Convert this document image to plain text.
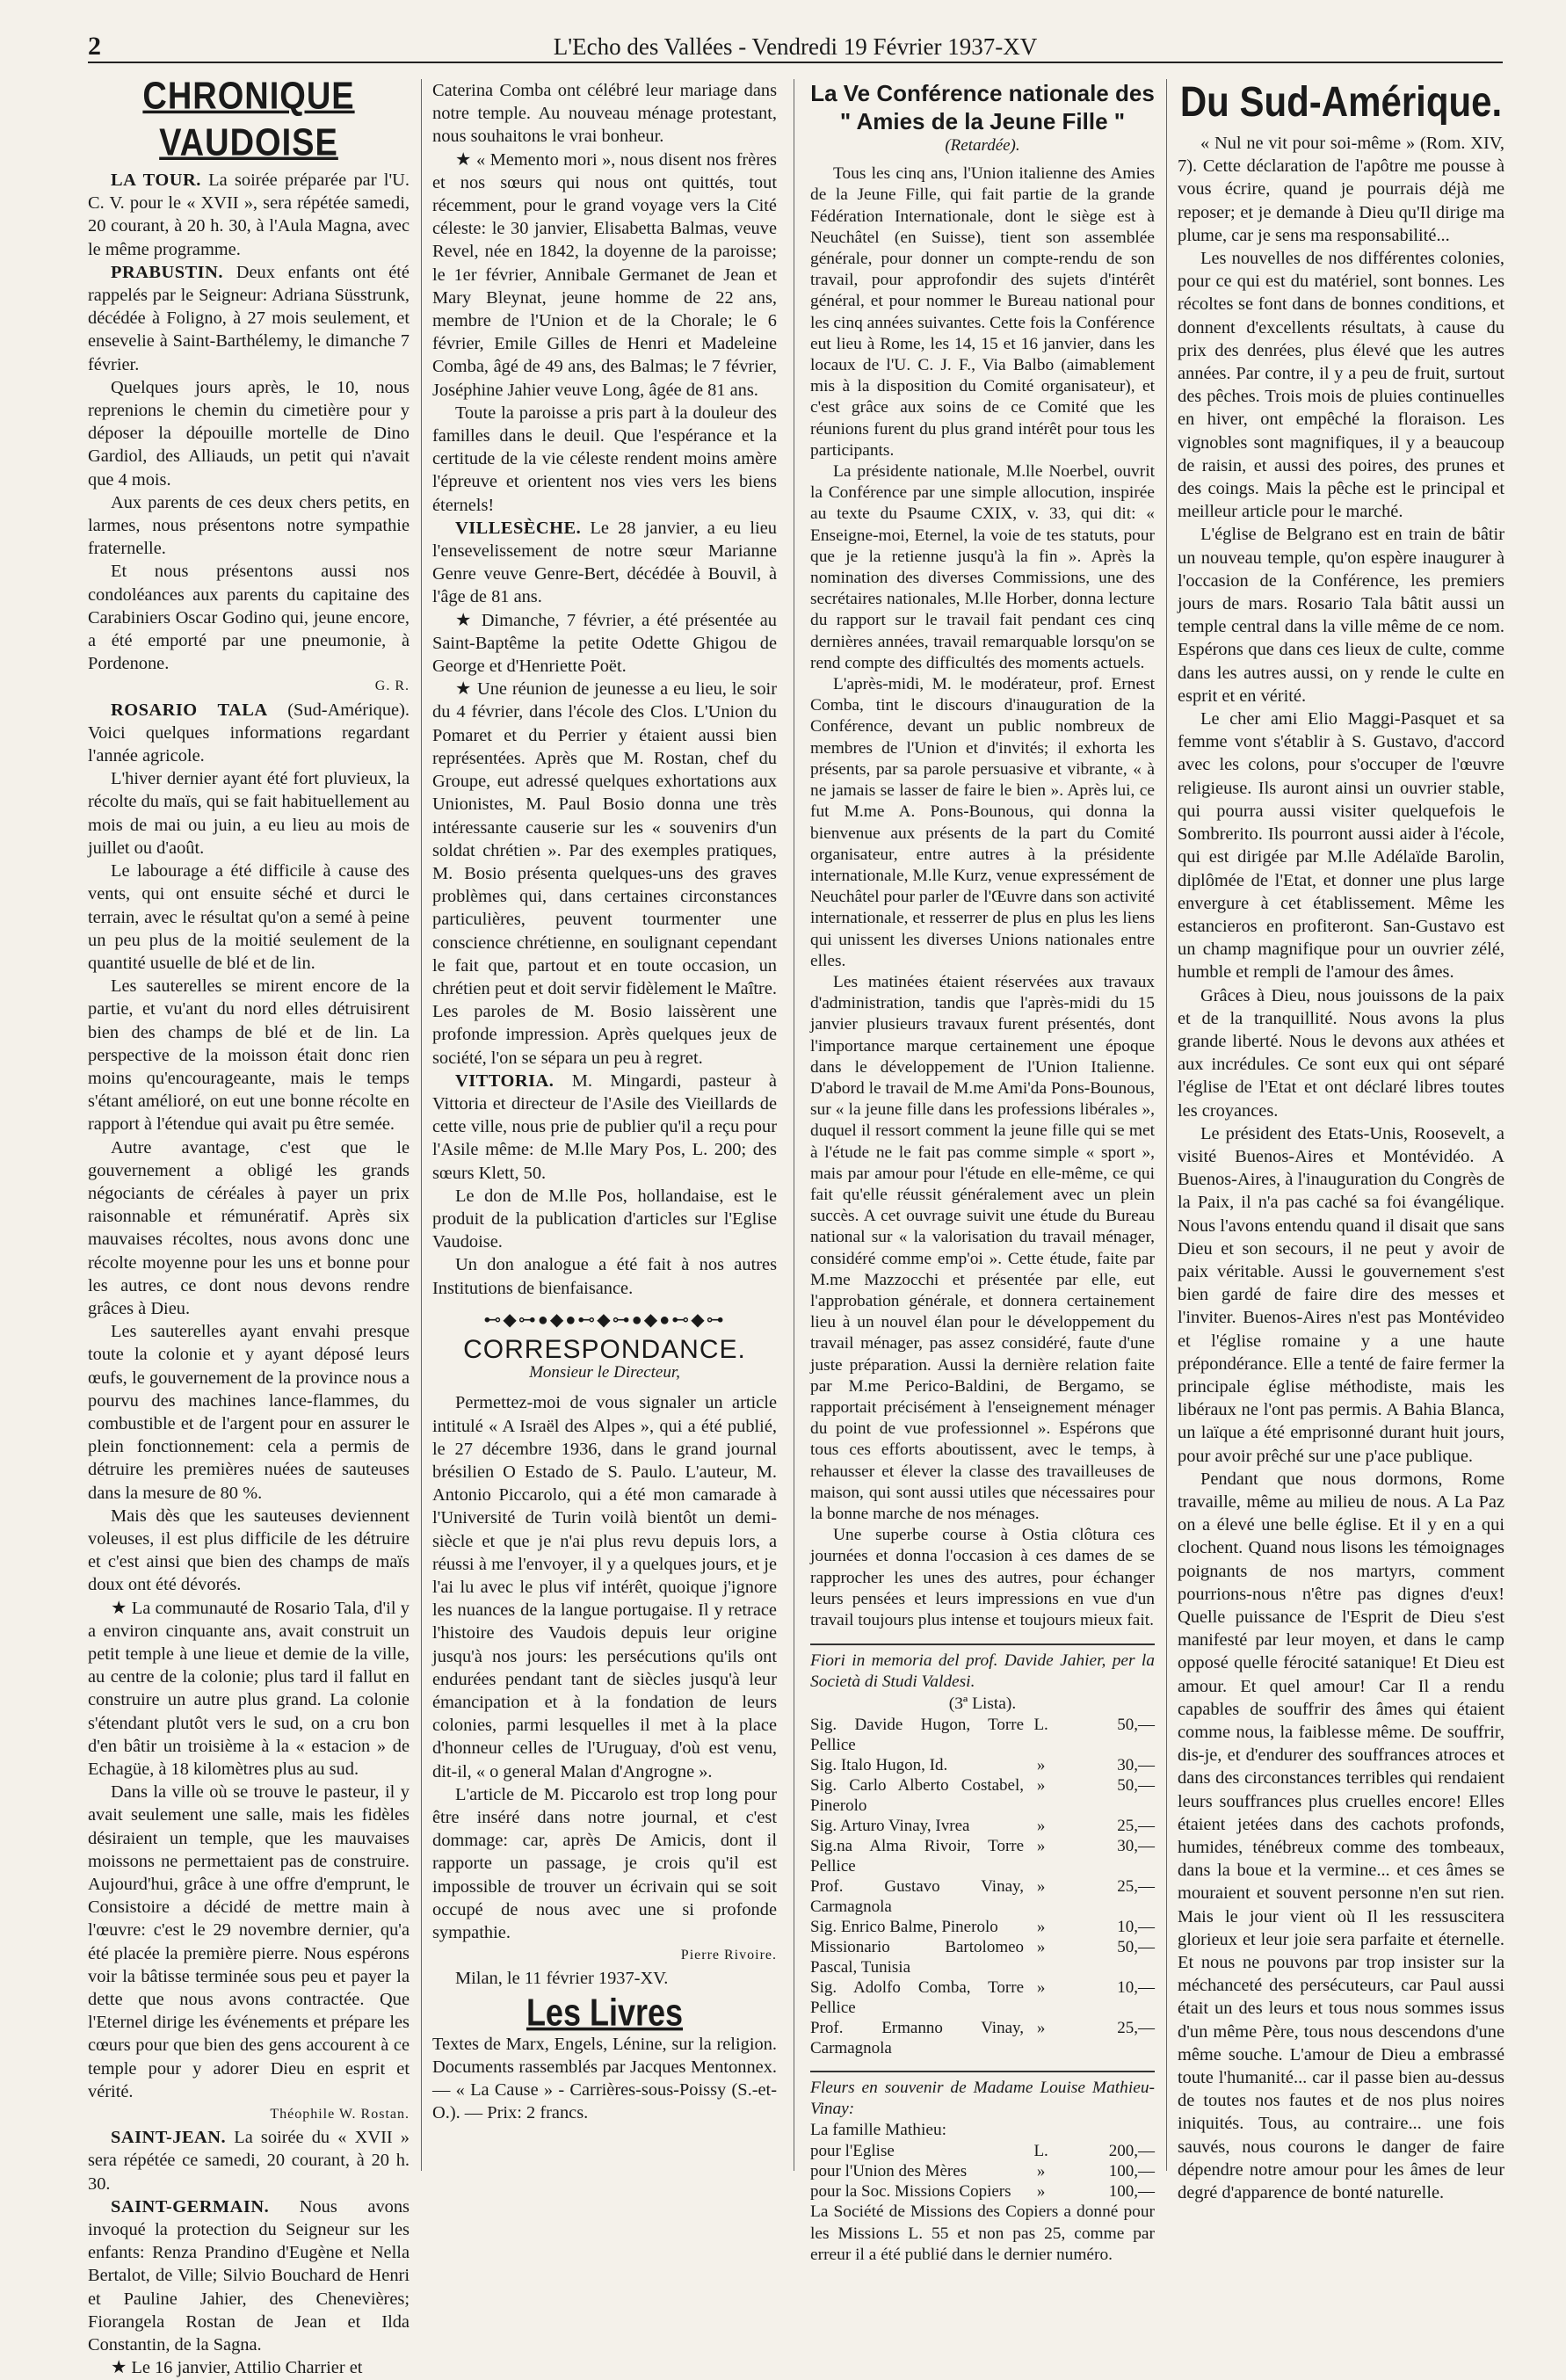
2	L'Echo des Vallées - Vendredi 19 Février 1937-XV
CHRONIQUE VAUDOISE

LA TOUR. La soirée préparée par l'U. C. V. pour le « XVII », sera répétée samedi, 20 courant, à 20 h. 30, à l'Aula Magna, avec le même programme.

PRABUSTIN. Deux enfants ont été rappelés par le Seigneur: Adriana Süsstrunk, décédée à Foligno, à 27 mois seulement, et ensevelie à Saint-Barthélemy, le dimanche 7 février.

Quelques jours après, le 10, nous reprenions le chemin du cimetière pour y déposer la dépouille mortelle de Dino Gardiol, des Alliauds, un petit qui n'avait que 4 mois.

Aux parents de ces deux chers petits, en larmes, nous présentons notre sympathie fraternelle.

Et nous présentons aussi nos condoléances aux parents du capitaine des Carabiniers Oscar Godino qui, jeune encore, a été emporté par une pneumonie, à Pordenone.

G. R.

ROSARIO TALA (Sud-Amérique). Voici quelques informations regardant l'année agricole.

L'hiver dernier ayant été fort pluvieux, la récolte du maïs, qui se fait habituellement au mois de mai ou juin, a eu lieu au mois de juillet ou d'août.

Le labourage a été difficile à cause des vents, qui ont ensuite séché et durci le terrain, avec le résultat qu'on a semé à peine un peu plus de la moitié seulement de la quantité usuelle de blé et de lin.

Les sauterelles se mirent encore de la partie, et vu'ant du nord elles détruisirent bien des champs de blé et de lin. La perspective de la moisson était donc rien moins qu'encourageante, mais le temps s'étant amélioré, on eut une bonne récolte en rapport à l'étendue qui avait pu être semée.

Autre avantage, c'est que le gouvernement a obligé les grands négociants de céréales à payer un prix raisonnable et rémunératif. Après six mauvaises récoltes, nous avons donc une récolte moyenne pour les uns et bonne pour les autres, ce dont nous devons rendre grâces à Dieu.

Les sauterelles ayant envahi presque toute la colonie et y ayant déposé leurs œufs, le gouvernement de la province nous a pourvu des machines lance-flammes, du combustible et de l'argent pour en assurer le plein fonctionnement: cela a permis de détruire les premières nuées de sauteuses dans la mesure de 80 %.

Mais dès que les sauteuses deviennent voleuses, il est plus difficile de les détruire et c'est ainsi que bien des champs de maïs doux ont été dévorés.

★ La communauté de Rosario Tala, d'il y a environ cinquante ans, avait construit un petit temple à une lieue et demie de la ville, au centre de la colonie; plus tard il fallut en construire un autre plus grand. La colonie s'étendant plutôt vers le sud, on a cru bon d'en bâtir un troisième à la « estacion » de Echagüe, à 18 kilomètres plus au sud.

Dans la ville où se trouve le pasteur, il y avait seulement une salle, mais les fidèles désiraient un temple, que les mauvaises moissons ne permettaient pas de construire. Aujourd'hui, grâce à une offre d'emprunt, le Consistoire a décidé de mettre main à l'œuvre: c'est le 29 novembre dernier, qu'a été placée la première pierre. Nous espérons voir la bâtisse terminée sous peu et payer la dette que nous avons contractée. Que l'Eternel dirige les événements et prépare les cœurs pour que bien des gens accourent à ce temple pour y adorer Dieu en esprit et vérité.

Théophile W. Rostan.

SAINT-JEAN. La soirée du « XVII » sera répétée ce samedi, 20 courant, à 20 h. 30.

SAINT-GERMAIN. Nous avons invoqué la protection du Seigneur sur les enfants: Renza Prandino d'Eugène et Nella Bertalot, de Ville; Silvio Bouchard de Henri et Pauline Jahier, des Chenevières; Fiorangela Rostan de Jean et Ilda Constantin, de la Sagna.

★ Le 16 janvier, Attilio Charrier et

Caterina Comba ont célébré leur mariage dans notre temple. Au nouveau ménage protestant, nous souhaitons le vrai bonheur.

★ « Memento mori », nous disent nos frères et nos sœurs qui nous ont quittés, tout récemment, pour le grand voyage vers la Cité céleste: le 30 janvier, Elisabetta Balmas, veuve Revel, née en 1842, la doyenne de la paroisse; le 1er février, Annibale Germanet de Jean et Mary Bleynat, jeune homme de 22 ans, membre de l'Union et de la Chorale; le 6 février, Emile Gilles de Henri et Madeleine Comba, âgé de 49 ans, des Balmas; le 7 février, Joséphine Jahier veuve Long, âgée de 81 ans.

Toute la paroisse a pris part à la douleur des familles dans le deuil. Que l'espérance et la certitude de la vie céleste rendent moins amère l'épreuve et orientent nos vies vers les biens éternels!

VILLESÈCHE. Le 28 janvier, a eu lieu l'ensevelissement de notre sœur Marianne Genre veuve Genre-Bert, décédée à Bouvil, à l'âge de 81 ans.

★ Dimanche, 7 février, a été présentée au Saint-Baptême la petite Odette Ghigou de George et d'Henriette Poët.

★ Une réunion de jeunesse a eu lieu, le soir du 4 février, dans l'école des Clos. L'Union du Pomaret et du Perrier y étaient aussi bien représentées. Après que M. Rostan, chef du Groupe, eut adressé quelques exhortations aux Unionistes, M. Paul Bosio donna une très intéressante causerie sur les « souvenirs d'un soldat chrétien ». Par des exemples pratiques, M. Bosio présenta quelques-uns des graves problèmes qui, dans certaines circonstances particulières, peuvent tourmenter une conscience chrétienne, en soulignant cependant le fait que, partout et en toute occasion, un chrétien peut et doit servir fidèlement le Maître. Les paroles de M. Bosio laissèrent une profonde impression. Après quelques jeux de société, l'on se sépara un peu à regret.

VITTORIA. M. Mingardi, pasteur à Vittoria et directeur de l'Asile des Vieillards de cette ville, nous prie de publier qu'il a reçu pour l'Asile même: de M.lle Mary Pos, L. 200; des sœurs Klett, 50.

Le don de M.lle Pos, hollandaise, est le produit de la publication d'articles sur l'Eglise Vaudoise.

Un don analogue a été fait à nos autres Institutions de bienfaisance.

⊷◆⊶●◆●⊷◆⊶●◆●⊷◆⊶
CORRESPONDANCE.
Monsieur le Directeur,

Permettez-moi de vous signaler un article intitulé « A Israël des Alpes », qui a été publié, le 27 décembre 1936, dans le grand journal brésilien O Estado de S. Paulo. L'auteur, M. Antonio Piccarolo, qui a été mon camarade à l'Université de Turin voilà bientôt un demi-siècle et que je n'ai plus revu depuis lors, a réussi à me l'envoyer, il y a quelques jours, et je l'ai lu avec le plus vif intérêt, quoique j'ignore les nuances de la langue portugaise. Il y retrace l'histoire des Vaudois depuis leur origine jusqu'à nos jours: les persécutions qu'ils ont endurées pendant tant de siècles jusqu'à leur émancipation et à la fondation de leurs colonies, parmi lesquelles il met à la place d'honneur celles de l'Uruguay, d'où est venu, dit-il, « o general Malan d'Angrogne ».

L'article de M. Piccarolo est trop long pour être inséré dans notre journal, et c'est dommage: car, après De Amicis, dont il rapporte un passage, je crois qu'il est impossible de trouver un écrivain qui se soit occupé de nous avec une si profonde sympathie.

Pierre Rivoire.

Milan, le 11 février 1937-XV.

Les Livres

Textes de Marx, Engels, Lénine, sur la religion. Documents rassemblés par Jacques Mentonnex. — « La Cause » - Carrières-sous-Poissy (S.-et-O.). — Prix: 2 francs.

La Ve Conférence nationale des
" Amies de la Jeune Fille "
(Retardée).

Tous les cinq ans, l'Union italienne des Amies de la Jeune Fille, qui fait partie de la grande Fédération Internationale, dont le siège est à Neuchâtel (en Suisse), tient son assemblée générale, pour donner un compte-rendu de son travail, pour approfondir des sujets d'intérêt général, et pour nommer le Bureau national pour les cinq années suivantes. Cette fois la Conférence eut lieu à Rome, les 14, 15 et 16 janvier, dans les locaux de l'U. C. J. F., Via Balbo (aimablement mis à la disposition du Comité organisateur), et c'est grâce aux soins de ce Comité que les réunions furent du plus grand intérêt pour tous les participants.

La présidente nationale, M.lle Noerbel, ouvrit la Conférence par une simple allocution, inspirée au texte du Psaume CXIX, v. 33, qui dit: « Enseigne-moi, Eternel, la voie de tes statuts, pour que je la retienne jusqu'à la fin ». Après la nomination des diverses Commissions, une des secrétaires nationales, M.lle Horber, donna lecture du rapport sur le travail fait pendant ces cinq dernières années, travail remarquable lorsqu'on se rend compte des difficultés des moments actuels.

L'après-midi, M. le modérateur, prof. Ernest Comba, tint le discours d'inauguration de la Conférence, devant un public nombreux de membres de l'Union et d'invités; il exhorta les présents, par sa parole persuasive et vibrante, « à ne jamais se lasser de faire le bien ». Après lui, ce fut M.me A. Pons-Bounous, qui donna la bienvenue aux présents de la part du Comité organisateur, entre autres à la présidente internationale, M.lle Kurz, venue expressément de Neuchâtel pour parler de l'Œuvre dans son activité internationale, et resserrer de plus en plus les liens qui unissent les diverses Unions nationales entre elles.

Les matinées étaient réservées aux travaux d'administration, tandis que l'après-midi du 15 janvier plusieurs travaux furent présentés, dont l'importance marque certainement une époque dans le développement de l'Union Italienne. D'abord le travail de M.me Ami'da Pons-Bounous, sur « la jeune fille dans les professions libérales », duquel il ressort comment la jeune fille qui se met à l'étude ne le fait pas comme simple « sport », mais par amour pour l'étude en elle-même, ce qui fait qu'elle réussit généralement avec un plein succès. A cet ouvrage suivit une étude du Bureau national sur « la valorisation du travail ménager, considéré comme emp'oi ». Cette étude, faite par M.me Mazzocchi et présentée par elle, eut l'approbation générale, et donnera certainement lieu à un nouvel élan pour le développement du travail ménager, pas assez considéré, faute d'une juste préparation. Aussi la dernière relation faite par M.me Perico-Baldini, de Bergamo, se rapportait précisément à l'enseignement ménager du point de vue professionnel ». Espérons que tous ces efforts aboutissent, avec le temps, à rehausser et élever la classe des travailleuses de maison, qui sont aussi utiles que nécessaires pour la bonne marche de nos ménages.

Une superbe course à Ostia clôtura ces journées et donna l'occasion à ces dames de se rapprocher les unes des autres, pour échanger leurs pensées et leurs impressions en vue d'un travail toujours plus intense et toujours mieux fait.

Fiori in memoria del prof. Davide Jahier, per la Società di Studi Valdesi.

(3ª Lista).
Sig. Davide Hugon, Torre Pellice	L.	50,—
Sig. Italo Hugon, Id.	»	30,—
Sig. Carlo Alberto Costabel, Pinerolo	»	50,—
Sig. Arturo Vinay, Ivrea	»	25,—
Sig.na Alma Rivoir, Torre Pellice	»	30,—
Prof. Gustavo Vinay, Carmagnola	»	25,—
Sig. Enrico Balme, Pinerolo	»	10,—
Missionario Bartolomeo Pascal, Tunisia	»	50,—
Sig. Adolfo Comba, Torre Pellice	»	10,—
Prof. Ermanno Vinay, Carmagnola	»	25,—

Fleurs en souvenir de Madame Louise Mathieu-Vinay:

La famille Mathieu:

pour l'Eglise	L.	200,—
pour l'Union des Mères	»	100,—
pour la Soc. Missions Copiers	»	100,—

La Société de Missions des Copiers a donné pour les Missions L. 55 et non pas 25, comme par erreur il a été publié dans le dernier numéro.

Du Sud-Amérique.

« Nul ne vit pour soi-même » (Rom. XIV, 7). Cette déclaration de l'apôtre me pousse à vous écrire, quand je pourrais déjà me reposer; et je demande à Dieu qu'Il dirige ma plume, car je sens ma responsabilité...

Les nouvelles de nos différentes colonies, pour ce qui est du matériel, sont bonnes. Les récoltes se font dans de bonnes conditions, et donnent d'excellents résultats, à cause du prix des denrées, plus élevé que les autres années. Par contre, il y a peu de fruit, surtout des pêches. Trois mois de pluies continuelles en hiver, ont empêché la floraison. Les vignobles sont magnifiques, il y a beaucoup de raisin, et aussi des poires, des prunes et des coings. Mais la pêche est le principal et meilleur article pour le marché.

L'église de Belgrano est en train de bâtir un nouveau temple, qu'on espère inaugurer à l'occasion de la Conférence, les premiers jours de mars. Rosario Tala bâtit aussi un temple central dans la ville même de ce nom. Espérons que dans ces lieux de culte, comme dans les autres aussi, on y rende le culte en esprit et en vérité.

Le cher ami Elio Maggi-Pasquet et sa femme vont s'établir à S. Gustavo, d'accord avec les colons, pour s'occuper de l'œuvre religieuse. Ils auront ainsi un ouvrier stable, qui pourra aussi visiter quelquefois le Sombrerito. Ils pourront aussi aider à l'école, qui est dirigée par M.lle Adélaïde Barolin, diplômée de l'Etat, et donner une plus large envergure à cet établissement. Même les estancieros en profiteront. San-Gustavo est un champ magnifique pour un ouvrier zélé, humble et rempli de l'amour des âmes.

Grâces à Dieu, nous jouissons de la paix et de la tranquillité. Nous avons la plus grande liberté. Nous le devons aux athées et aux incrédules. Ce sont eux qui ont séparé l'église de l'Etat et ont déclaré libres toutes les croyances.

Le président des Etats-Unis, Roosevelt, a visité Buenos-Aires et Montévidéo. A Buenos-Aires, à l'inauguration du Congrès de la Paix, il n'a pas caché sa foi évangélique. Nous l'avons entendu quand il disait que sans Dieu et son secours, il ne peut y avoir de paix véritable. Aussi le gouvernement s'est bien gardé de faire dire des messes et l'inviter. Buenos-Aires n'est pas Montévideo et l'église romaine y a une haute prépondérance. Elle a tenté de faire fermer la principale église méthodiste, mais les libéraux ne l'ont pas permis. A Bahia Blanca, un laïque a été emprisonné durant huit jours, pour avoir prêché sur une p'ace publique.

Pendant que nous dormons, Rome travaille, même au milieu de nous. A La Paz on a élevé une belle église. Et il y en a qui clochent. Quand nous lisons les témoignages poignants de nos martyrs, comment pourrions-nous n'être pas dignes d'eux! Quelle puissance de l'Esprit de Dieu s'est manifesté par leur moyen, et dans le camp opposé quelle férocité satanique! Et Dieu est amour. Et quel amour! Car Il a rendu capables de souffrir des âmes qui étaient comme nous, la faiblesse même. De souffrir, dis-je, et d'endurer des souffrances atroces et dans des circonstances terribles qui rendaient leurs souffrances plus cruelles encore! Elles étaient jetées dans des cachots profonds, humides, ténébreux comme des tombeaux, dans la boue et la vermine... et ces âmes se mouraient et souvent personne n'en sut rien. Mais le jour vient où Il les ressuscitera glorieux et leur joie sera parfaite et éternelle. Et nous ne pouvons par trop insister sur la méchanceté des persécuteurs, car Paul aussi était un des leurs et tous nous sommes issus d'un même Père, tous nous descendons d'une même souche. L'amour de Dieu a embrassé toute l'humanité... car il passe bien au-dessus de toutes nos fautes et de nos plus noires iniquités. Tous, au contraire... une fois sauvés, nous courons le danger de faire dépendre notre amour pour les âmes de leur degré d'apparence de bonté naturelle.
